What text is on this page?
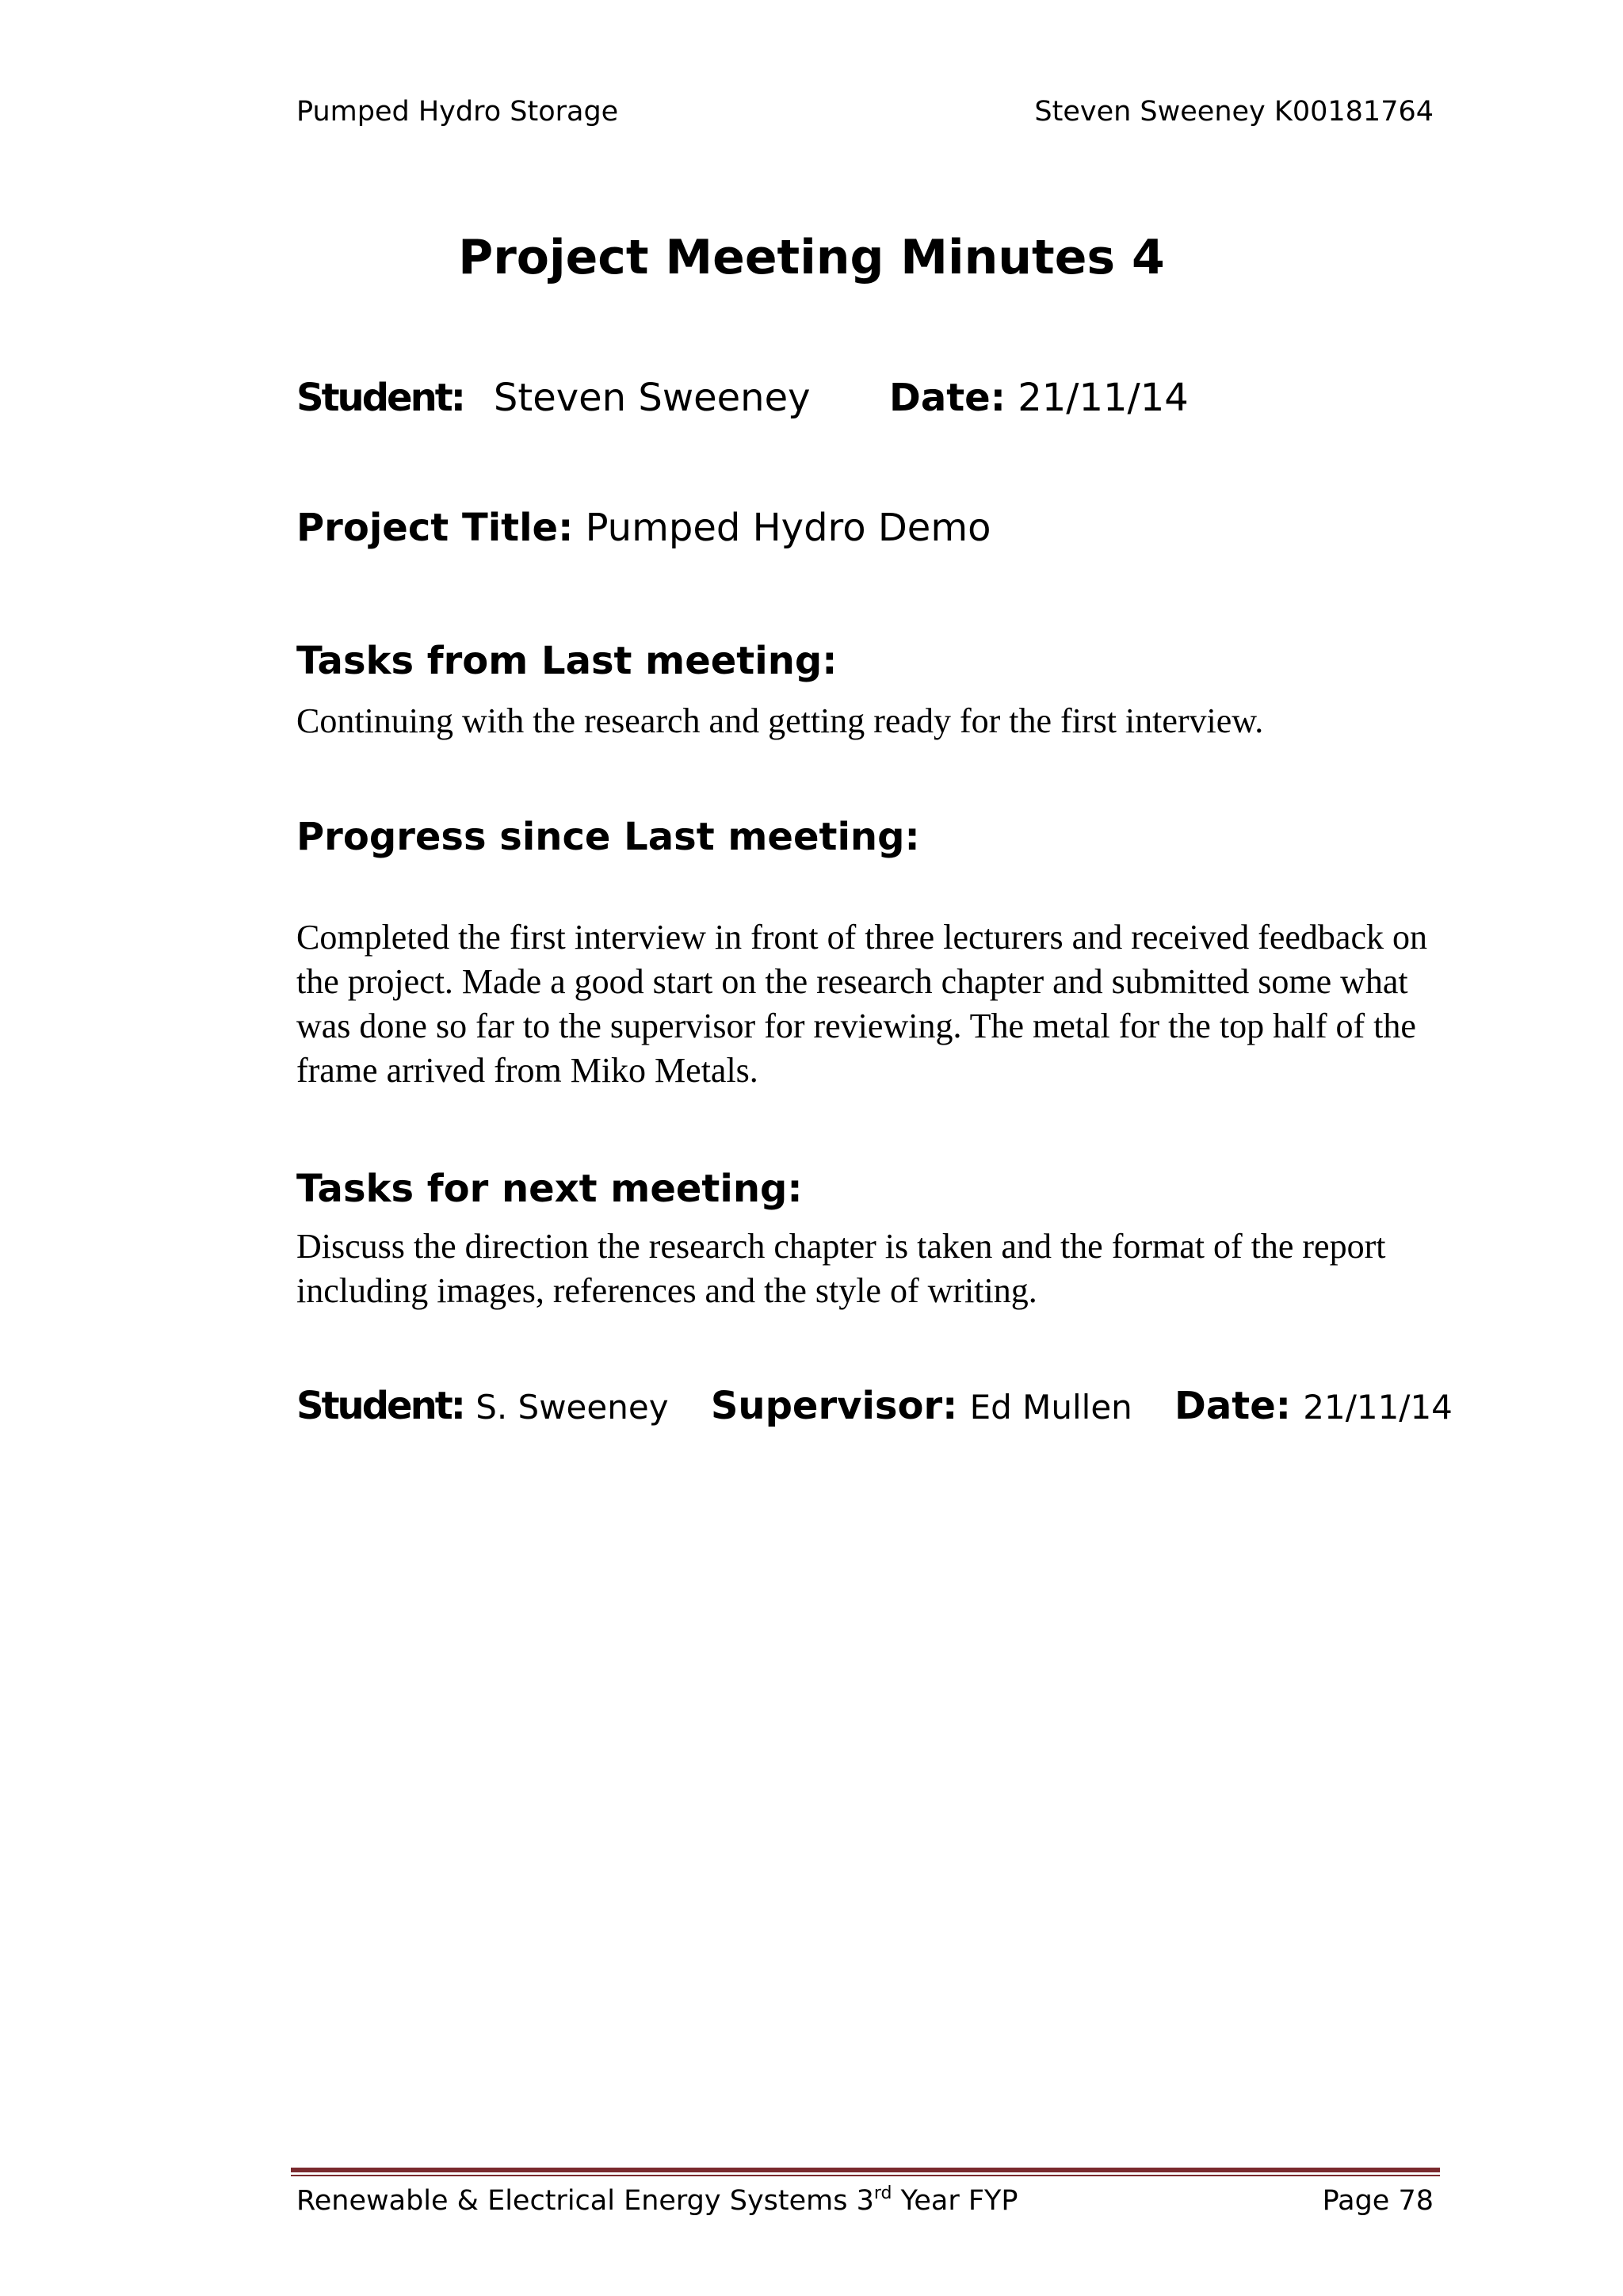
Pumped Hydro Storage	Steven Sweeney K00181764
Project Meeting Minutes 4
Student: Steven Sweeney Date: 21/11/14
Project Title: Pumped Hydro Demo
Tasks from Last meeting:

Continuing with the research and getting ready for the first interview.

Progress since Last meeting:

Completed the first interview in front of three lecturers and received feedback on the project. Made a good start on the research chapter and submitted some what was done so far to the supervisor for reviewing. The metal for the top half of the frame arrived from Miko Metals.

Tasks for next meeting:

Discuss the direction the research chapter is taken and the format of the report including images, references and the style of writing.

Student: S. Sweeney Supervisor: Ed Mullen Date: 21/11/14
Renewable & Electrical Energy Systems 3rd Year FYP	Page 78
